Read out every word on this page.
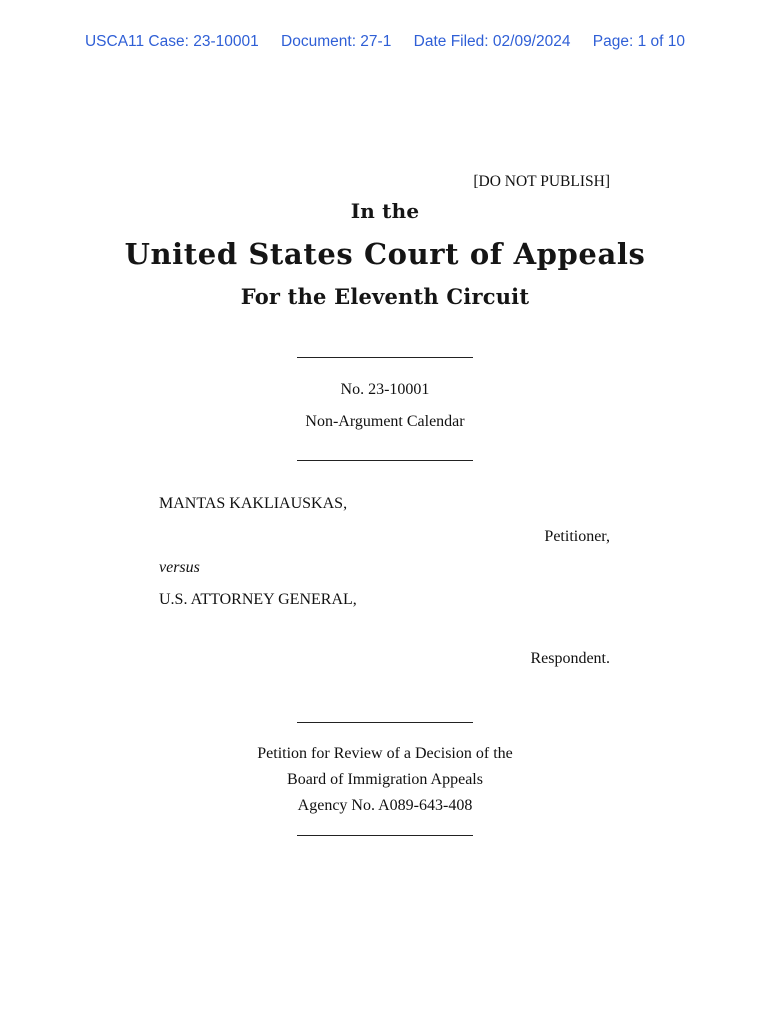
USCA11 Case: 23-10001 Document: 27-1 Date Filed: 02/09/2024 Page: 1 of 10
[DO NOT PUBLISH]
In the
United States Court of Appeals
For the Eleventh Circuit
No. 23-10001
Non-Argument Calendar
MANTAS KAKLIAUSKAS,
Petitioner,
versus
U.S. ATTORNEY GENERAL,
Respondent.
Petition for Review of a Decision of the
Board of Immigration Appeals
Agency No. A089-643-408
